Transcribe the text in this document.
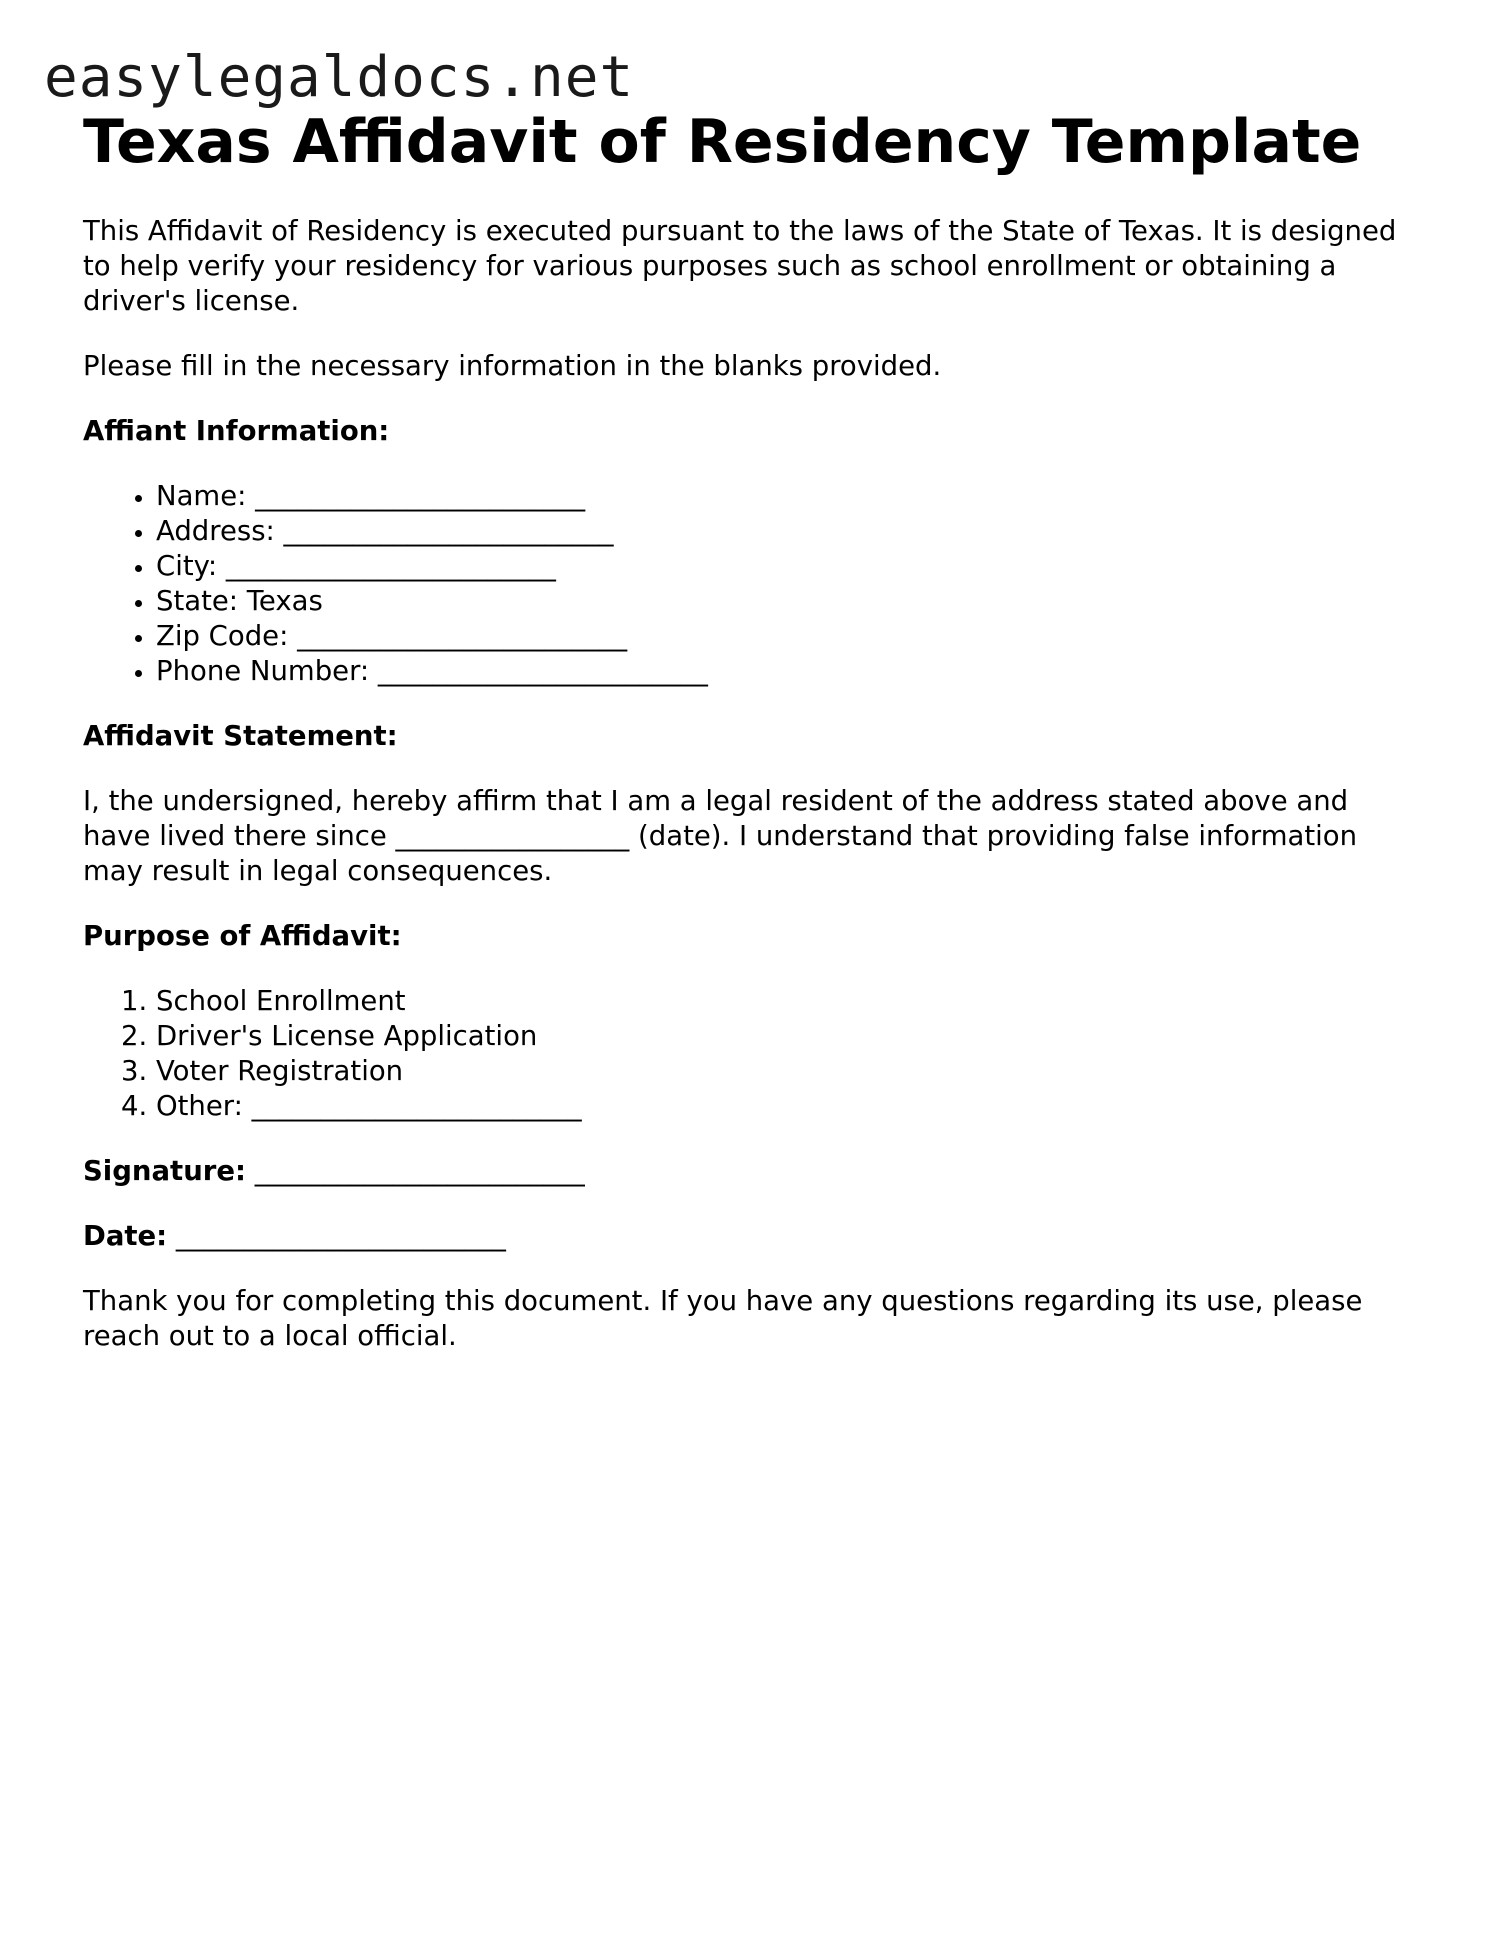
easylegaldocs.net
Texas Affidavit of Residency Template

This Affidavit of Residency is executed pursuant to the laws of the State of Texas. It is designed to help verify your residency for various purposes such as school enrollment or obtaining a driver's license.

Please fill in the necessary information in the blanks provided.

Affiant Information:
• Name: ________________________
• Address: ________________________
• City: ________________________
• State: Texas
• Zip Code: ________________________
• Phone Number: ________________________
Affidavit Statement:

I, the undersigned, hereby affirm that I am a legal resident of the address stated above and have lived there since _________________ (date). I understand that providing false information may result in legal consequences.

Purpose of Affidavit:
1. School Enrollment
2. Driver's License Application
3. Voter Registration
4. Other: ________________________

Signature: ________________________

Date: ________________________

Thank you for completing this document. If you have any questions regarding its use, please reach out to a local official.
